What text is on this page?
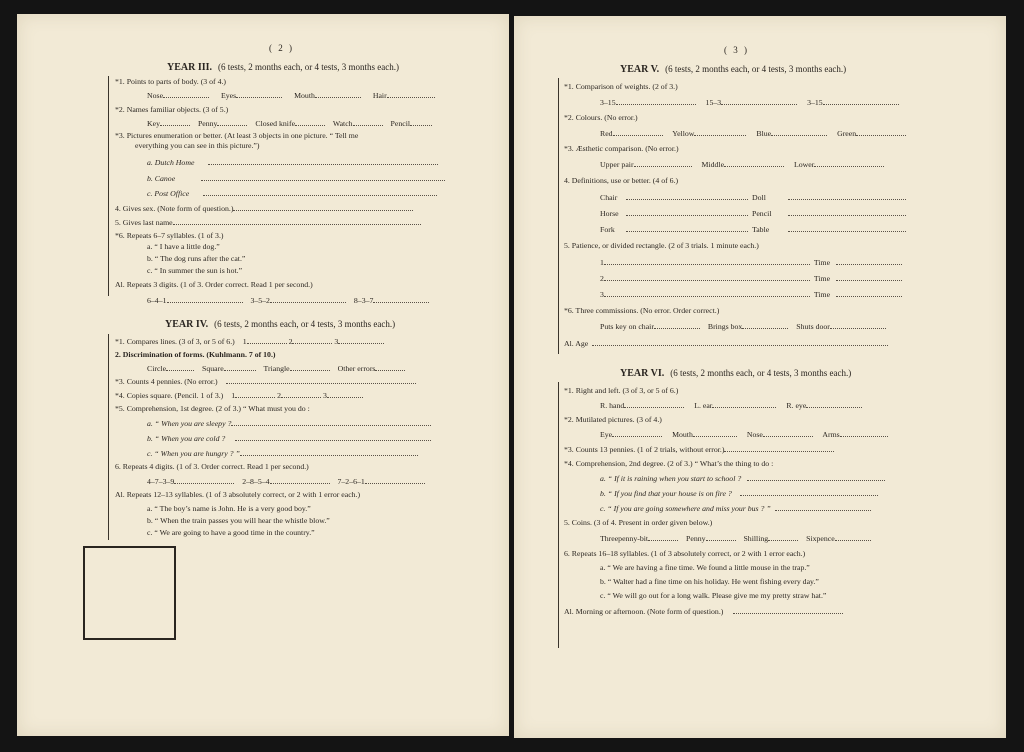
( 2 )
YEAR III. (6 tests, 2 months each, or 4 tests, 3 months each.)
*1. Points to parts of body. (3 of 4.)
Nose	Eyes	Mouth	Hair
*2. Names familiar objects. (3 of 5.)
Key	Penny	Closed knife	Watch	Pencil
*3. Pictures enumeration or better. (At least 3 objects in one picture. “ Tell me
everything you can see in this picture.”)
a. Dutch Home
b. Canoe
c. Post Office
4. Gives sex. (Note form of question.)
5. Gives last name
*6. Repeats 6–7 syllables. (1 of 3.)
a. “ I have a little dog.”
b. “ The dog runs after the cat.”
c. “ In summer the sun is hot.”
Al. Repeats 3 digits. (1 of 3. Order correct. Read 1 per second.)
6–4–1	3–5–2	8–3–7
YEAR IV. (6 tests, 2 months each, or 4 tests, 3 months each.)
*1. Compares lines. (3 of 3, or 5 of 6.) 1	2	3
2. Discrimination of forms. (Kuhlmann. 7 of 10.)
Circle	Square	Triangle	Other errors
*3. Counts 4 pennies. (No error.)
*4. Copies square. (Pencil. 1 of 3.) 1	2	3
*5. Comprehension, 1st degree. (2 of 3.) “ What must you do :
a. “ When you are sleepy ?
b. “ When you are cold ?
c. “ When you are hungry ? ”
6. Repeats 4 digits. (1 of 3. Order correct. Read 1 per second.)
4–7–3–9	2–8–5–4	7–2–6–1
Al. Repeats 12–13 syllables. (1 of 3 absolutely correct, or 2 with 1 error each.)
a. “ The boy’s name is John. He is a very good boy.”
b. “ When the train passes you will hear the whistle blow.”
c. “ We are going to have a good time in the country.”
( 3 )
YEAR V. (6 tests, 2 months each, or 4 tests, 3 months each.)
*1. Comparison of weights. (2 of 3.)
3–15	15–3	3–15
*2. Colours. (No error.)
Red	Yellow	Blue	Green
*3. Æsthetic comparison. (No error.)
Upper pair	Middle	Lower
4. Definitions, use or better. (4 of 6.)
Chair	Doll
Horse	Pencil
Fork	Table
5. Patience, or divided rectangle. (2 of 3 trials. 1 minute each.)
1	Time
2	Time
3	Time
*6. Three commissions. (No error. Order correct.)
Puts key on chair	Brings box	Shuts door
Al. Age
YEAR VI. (6 tests, 2 months each, or 4 tests, 3 months each.)
*1. Right and left. (3 of 3, or 5 of 6.)
R. hand	L. ear	R. eye
*2. Mutilated pictures. (3 of 4.)
Eye	Mouth	Nose	Arms
*3. Counts 13 pennies. (1 of 2 trials, without error.)
*4. Comprehension, 2nd degree. (2 of 3.) “ What’s the thing to do :
a. “ If it is raining when you start to school ?
b. “ If you find that your house is on fire ?
c. “ If you are going somewhere and miss your bus ? ”
5. Coins. (3 of 4. Present in order given below.)
Threepenny-bit	Penny	Shilling	Sixpence
6. Repeats 16–18 syllables. (1 of 3 absolutely correct, or 2 with 1 error each.)
a. “ We are having a fine time. We found a little mouse in the trap.”
b. “ Walter had a fine time on his holiday. He went fishing every day.”
c. “ We will go out for a long walk. Please give me my pretty straw hat.”
Al. Morning or afternoon. (Note form of question.)
